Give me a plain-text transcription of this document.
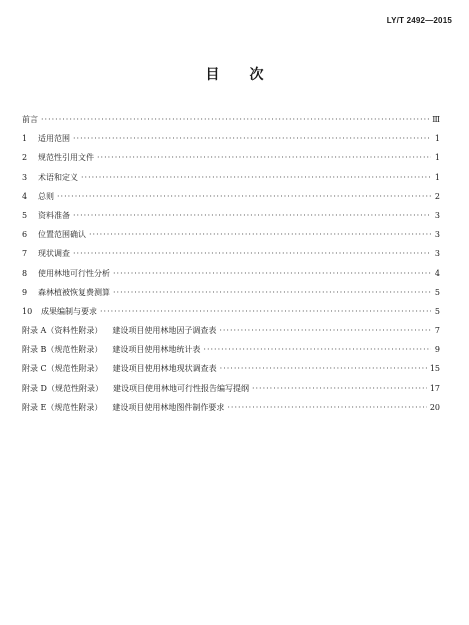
LY/T 2492—2015
目 次
前言 ·····	Ⅲ
1 适用范围 ·····	1
2 规范性引用文件 ·····	1
3 术语和定义 ·····	1
4 总则 ·····	2
5 资料准备 ·····	3
6 位置范围确认 ·····	3
7 现状调查 ·····	3
8 使用林地可行性分析 ·····	4
9 森林植被恢复费测算 ·····	5
10 成果编制与要求 ·····	5
附录 A（资料性附录） 建设项目使用林地因子调查表 ·····	7
附录 B（规范性附录） 建设项目使用林地统计表 ·····	9
附录 C（规范性附录） 建设项目使用林地现状调查表 ·····	15
附录 D（规范性附录） 建设项目使用林地可行性报告编写提纲 ·····	17
附录 E（规范性附录） 建设项目使用林地图件制作要求 ·····	20
